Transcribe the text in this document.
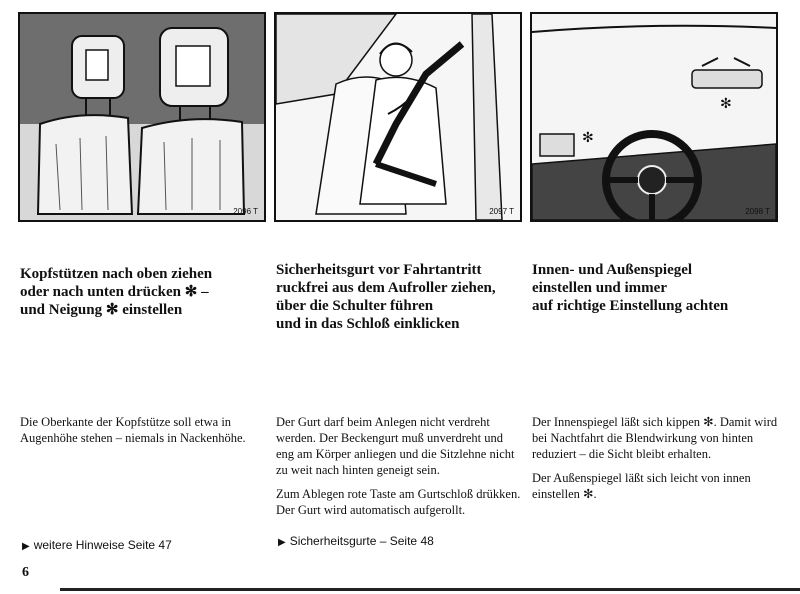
2096 T	2097 T
✻
✻
2098 T
Kopfstützen nach oben ziehen
oder nach unten drücken ✻ –
und Neigung ✻ einstellen
Sicherheitsgurt vor Fahrtantritt
ruckfrei aus dem Aufroller ziehen,
über die Schulter führen
und in das Schloß einklicken
Innen- und Außenspiegel
einstellen und immer
auf richtige Einstellung achten

Die Oberkante der Kopfstütze soll etwa in Augenhöhe stehen – niemals in Nackenhöhe.

Der Gurt darf beim Anlegen nicht verdreht werden. Der Beckengurt muß unverdreht und eng am Körper anliegen und die Sitzlehne nicht zu weit nach hinten geneigt sein.

Zum Ablegen rote Taste am Gurtschloß drükken. Der Gurt wird automatisch aufgerollt.

Der Innenspiegel läßt sich kippen ✻. Damit wird bei Nachtfahrt die Blendwirkung von hinten reduziert – die Sicht bleibt erhalten.

Der Außenspiegel läßt sich leicht von innen einstellen ✻.

▶ weitere Hinweise Seite 47	▶ Sicherheitsgurte – Seite 48
6
